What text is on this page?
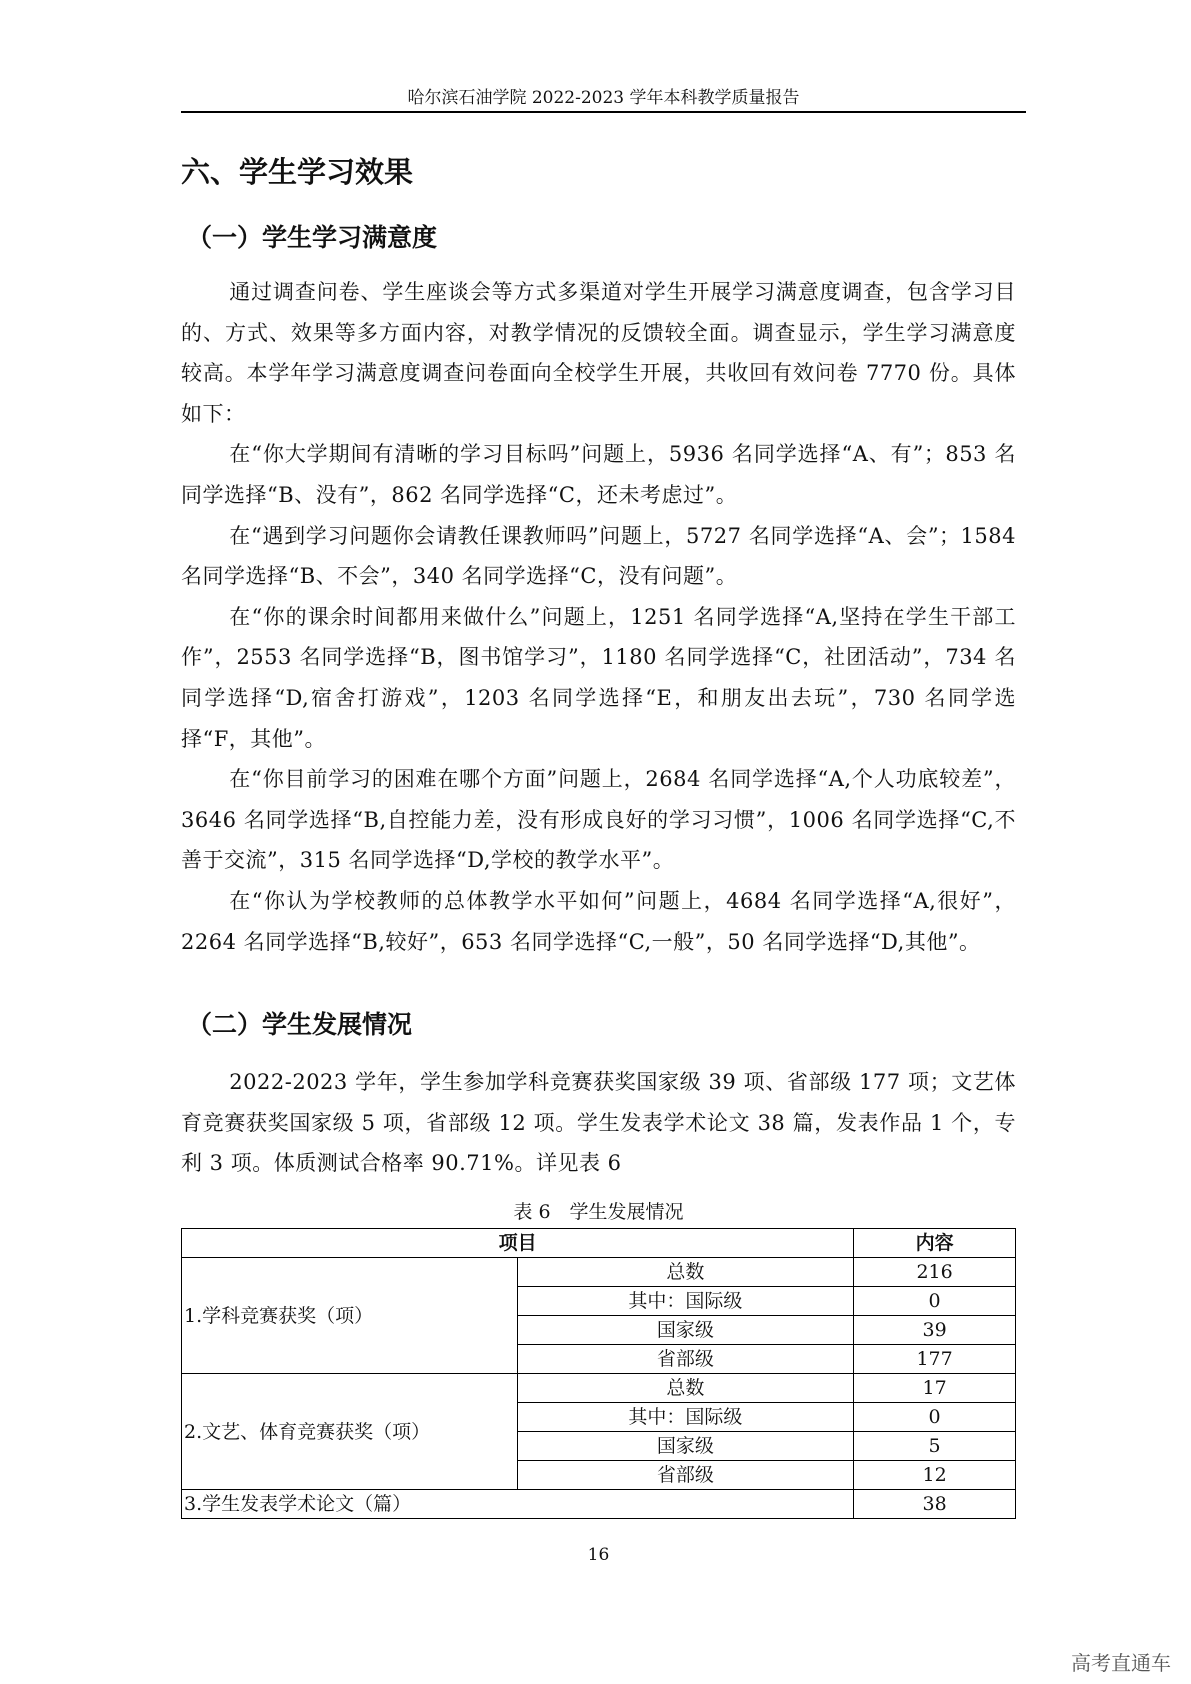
哈尔滨石油学院 2022-2023 学年本科教学质量报告
六、学生学习效果
（一）学生学习满意度

通过调查问卷、学生座谈会等方式多渠道对学生开展学习满意度调查，包含学习目的、方式、效果等多方面内容，对教学情况的反馈较全面。调查显示，学生学习满意度较高。本学年学习满意度调查问卷面向全校学生开展，共收回有效问卷 7770 份。具体如下：

在“你大学期间有清晰的学习目标吗”问题上，5936 名同学选择“A、有”；853 名同学选择“B、没有”，862 名同学选择“C，还未考虑过”。

在“遇到学习问题你会请教任课教师吗”问题上，5727 名同学选择“A、会”；1584 名同学选择“B、不会”，340 名同学选择“C，没有问题”。

在“你的课余时间都用来做什么”问题上，1251 名同学选择“A,坚持在学生干部工作”，2553 名同学选择“B，图书馆学习”，1180 名同学选择“C，社团活动”，734 名同学选择“D,宿舍打游戏”，1203 名同学选择“E，和朋友出去玩”，730 名同学选择“F，其他”。

在“你目前学习的困难在哪个方面”问题上，2684 名同学选择“A,个人功底较差”，3646 名同学选择“B,自控能力差，没有形成良好的学习习惯”，1006 名同学选择“C,不善于交流”，315 名同学选择“D,学校的教学水平”。

在“你认为学校教师的总体教学水平如何”问题上，4684 名同学选择“A,很好”，2264 名同学选择“B,较好”，653 名同学选择“C,一般”，50 名同学选择“D,其他”。

（二）学生发展情况

2022-2023 学年，学生参加学科竞赛获奖国家级 39 项、省部级 177 项；文艺体育竞赛获奖国家级 5 项，省部级 12 项。学生发表学术论文 38 篇，发表作品 1 个，专利 3 项。体质测试合格率 90.71%。详见表 6

表 6　学生发展情况
项目		内容
1.学科竞赛获奖（项）	总数	216
	其中：国际级	0
	国家级	39
	省部级	177
2.文艺、体育竞赛获奖（项）	总数	17
	其中：国际级	0
	国家级	5
	省部级	12
3.学生发表学术论文（篇）		38
16
高考直通车
